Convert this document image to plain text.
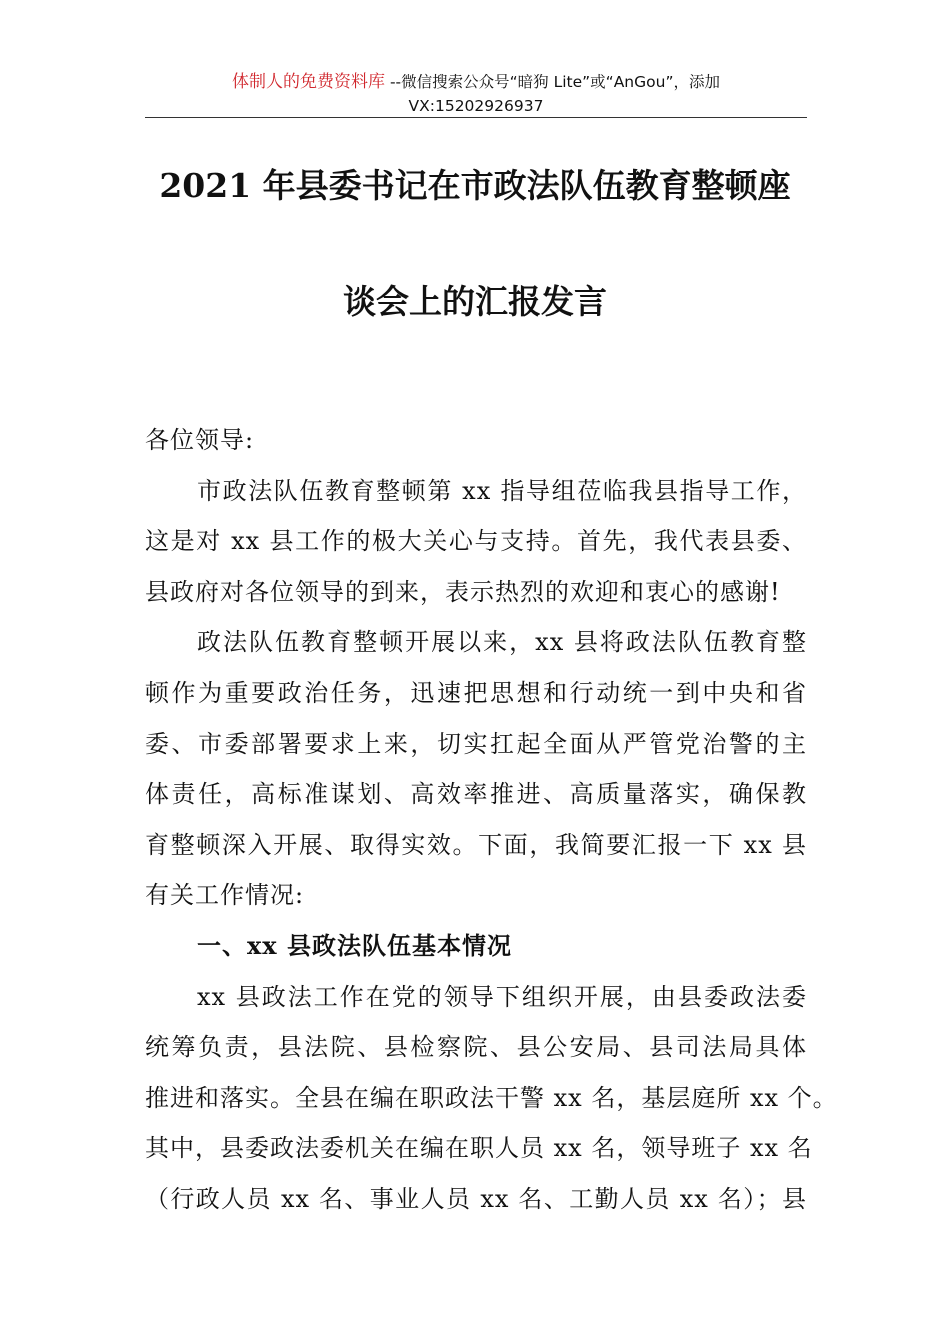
体制人的免费资料库 --微信搜索公众号“暗狗 Lite”或“AnGou”，添加
VX:15202926937
2021 年县委书记在市政法队伍教育整顿座
谈会上的汇报发言
各位领导:
市政法队伍教育整顿第 xx 指导组莅临我县指导工作，
这是对 xx 县工作的极大关心与支持。首先，我代表县委、
县政府对各位领导的到来，表示热烈的欢迎和衷心的感谢!
政法队伍教育整顿开展以来，xx 县将政法队伍教育整
顿作为重要政治任务，迅速把思想和行动统一到中央和省
委、市委部署要求上来，切实扛起全面从严管党治警的主
体责任，高标准谋划、高效率推进、高质量落实，确保教
育整顿深入开展、取得实效。下面，我简要汇报一下 xx 县
有关工作情况:
一、xx 县政法队伍基本情况
xx 县政法工作在党的领导下组织开展，由县委政法委
统筹负责，县法院、县检察院、县公安局、县司法局具体
推进和落实。全县在编在职政法干警 xx 名，基层庭所 xx 个。
其中，县委政法委机关在编在职人员 xx 名，领导班子 xx 名
（行政人员 xx 名、事业人员 xx 名、工勤人员 xx 名）；县
